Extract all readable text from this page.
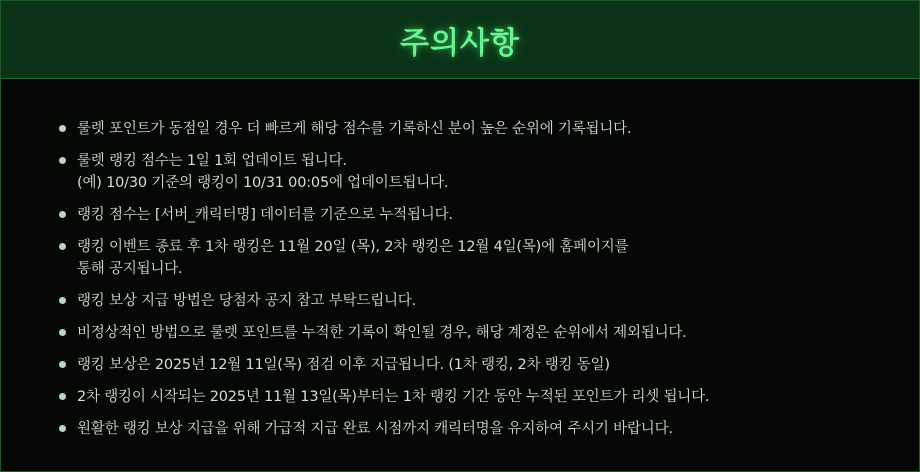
주의사항
룰렛 포인트가 동점일 경우 더 빠르게 해당 점수를 기록하신 분이 높은 순위에 기록됩니다.
룰렛 랭킹 점수는 1일 1회 업데이트 됩니다.
(예) 10/30 기준의 랭킹이 10/31 00:05에 업데이트됩니다.
랭킹 점수는 [서버_캐릭터명] 데이터를 기준으로 누적됩니다.
랭킹 이벤트 종료 후 1차 랭킹은 11월 20일 (목), 2차 랭킹은 12월 4일(목)에 홈페이지를
통해 공지됩니다.
랭킹 보상 지급 방법은 당첨자 공지 참고 부탁드립니다.
비정상적인 방법으로 룰렛 포인트를 누적한 기록이 확인될 경우, 해당 계정은 순위에서 제외됩니다.
랭킹 보상은 2025년 12월 11일(목) 점검 이후 지급됩니다. (1차 랭킹, 2차 랭킹 동일)
2차 랭킹이 시작되는 2025년 11월 13일(목)부터는 1차 랭킹 기간 동안 누적된 포인트가 리셋 됩니다.
원활한 랭킹 보상 지급을 위해 가급적 지급 완료 시점까지 캐릭터명을 유지하여 주시기 바랍니다.
